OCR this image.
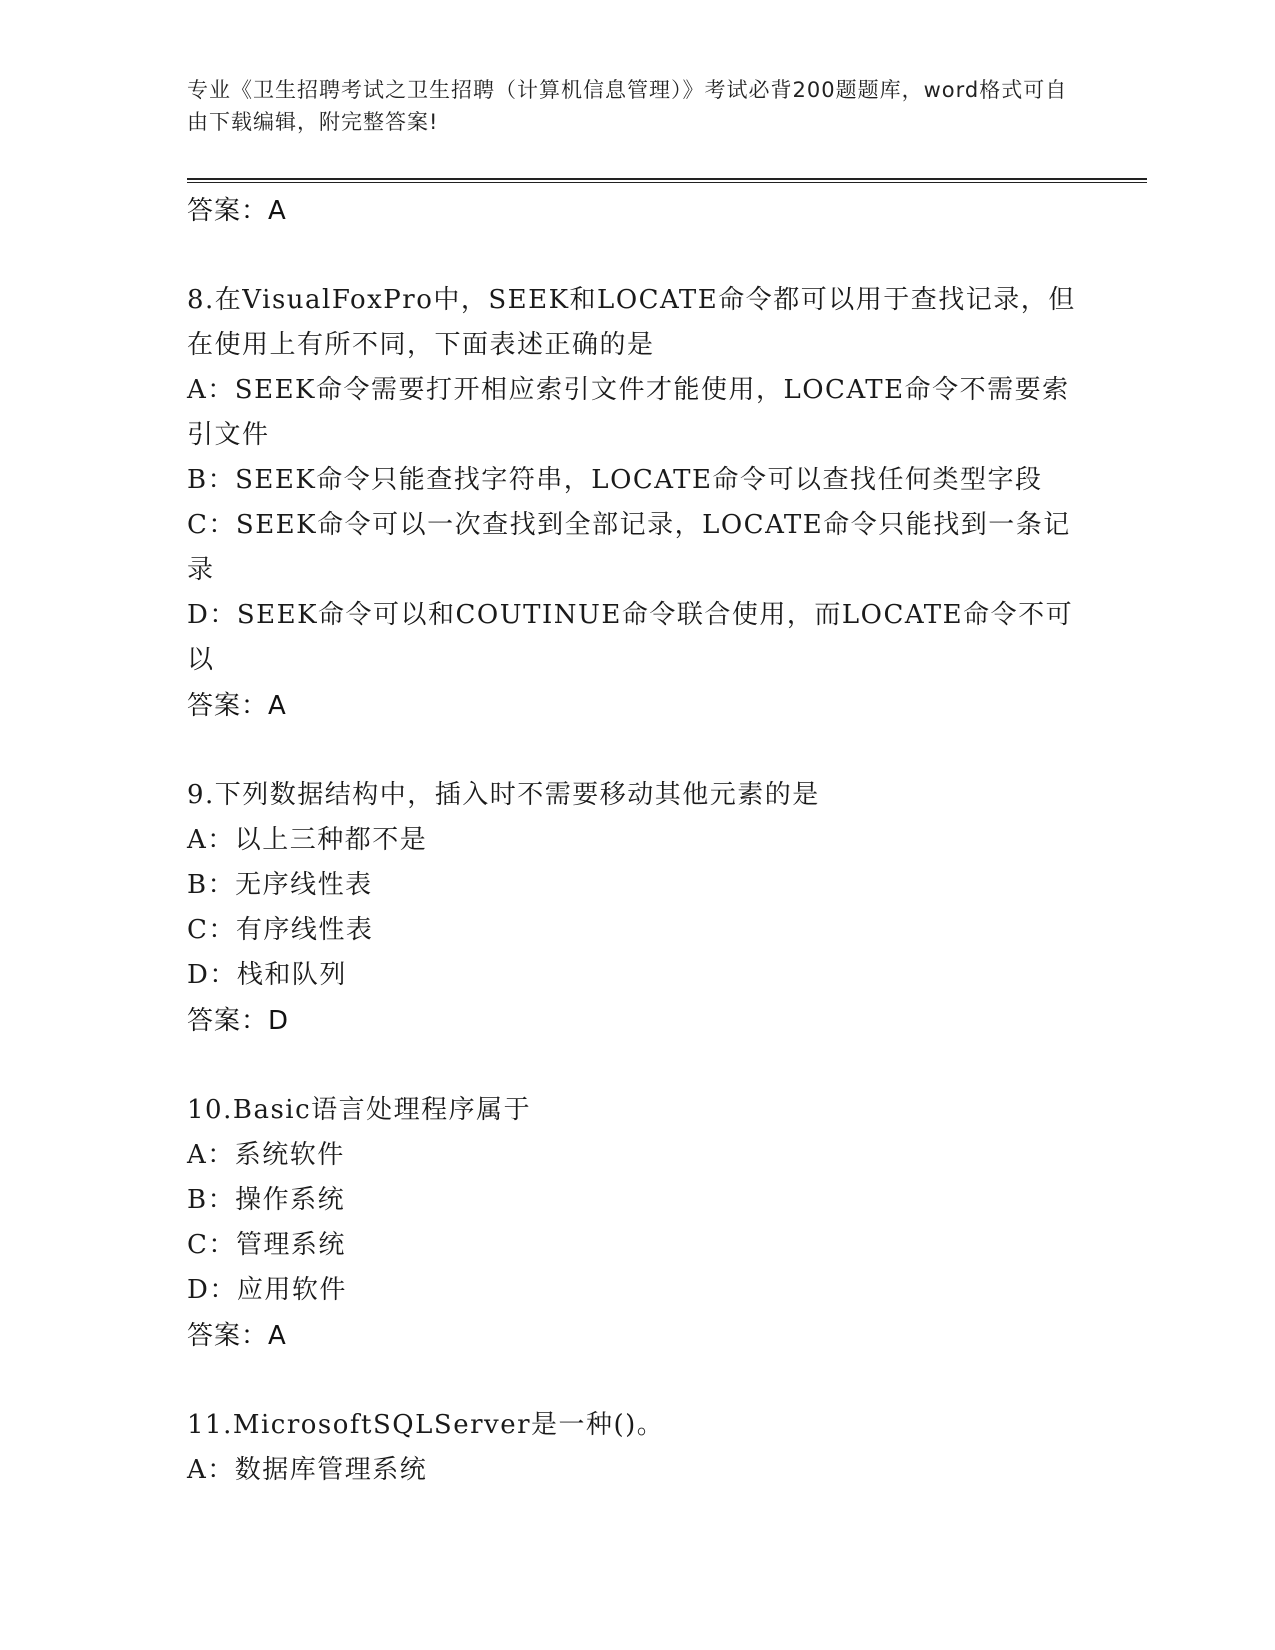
专业《卫生招聘考试之卫生招聘（计算机信息管理）》考试必背200题题库，word格式可自由下载编辑，附完整答案!

答案：A

8.在VisualFoxPro中，SEEK和LOCATE命令都可以用于查找记录，但在使用上有所不同，下面表述正确的是

A：SEEK命令需要打开相应索引文件才能使用，LOCATE命令不需要索引文件

B：SEEK命令只能查找字符串，LOCATE命令可以查找任何类型字段

C：SEEK命令可以一次查找到全部记录，LOCATE命令只能找到一条记录

D：SEEK命令可以和COUTINUE命令联合使用，而LOCATE命令不可以

答案：A

9.下列数据结构中，插入时不需要移动其他元素的是

A：以上三种都不是

B：无序线性表

C：有序线性表

D：栈和队列

答案：D

10.Basic语言处理程序属于

A：系统软件

B：操作系统

C：管理系统

D：应用软件

答案：A

11.MicrosoftSQLServer是一种()。

A：数据库管理系统
